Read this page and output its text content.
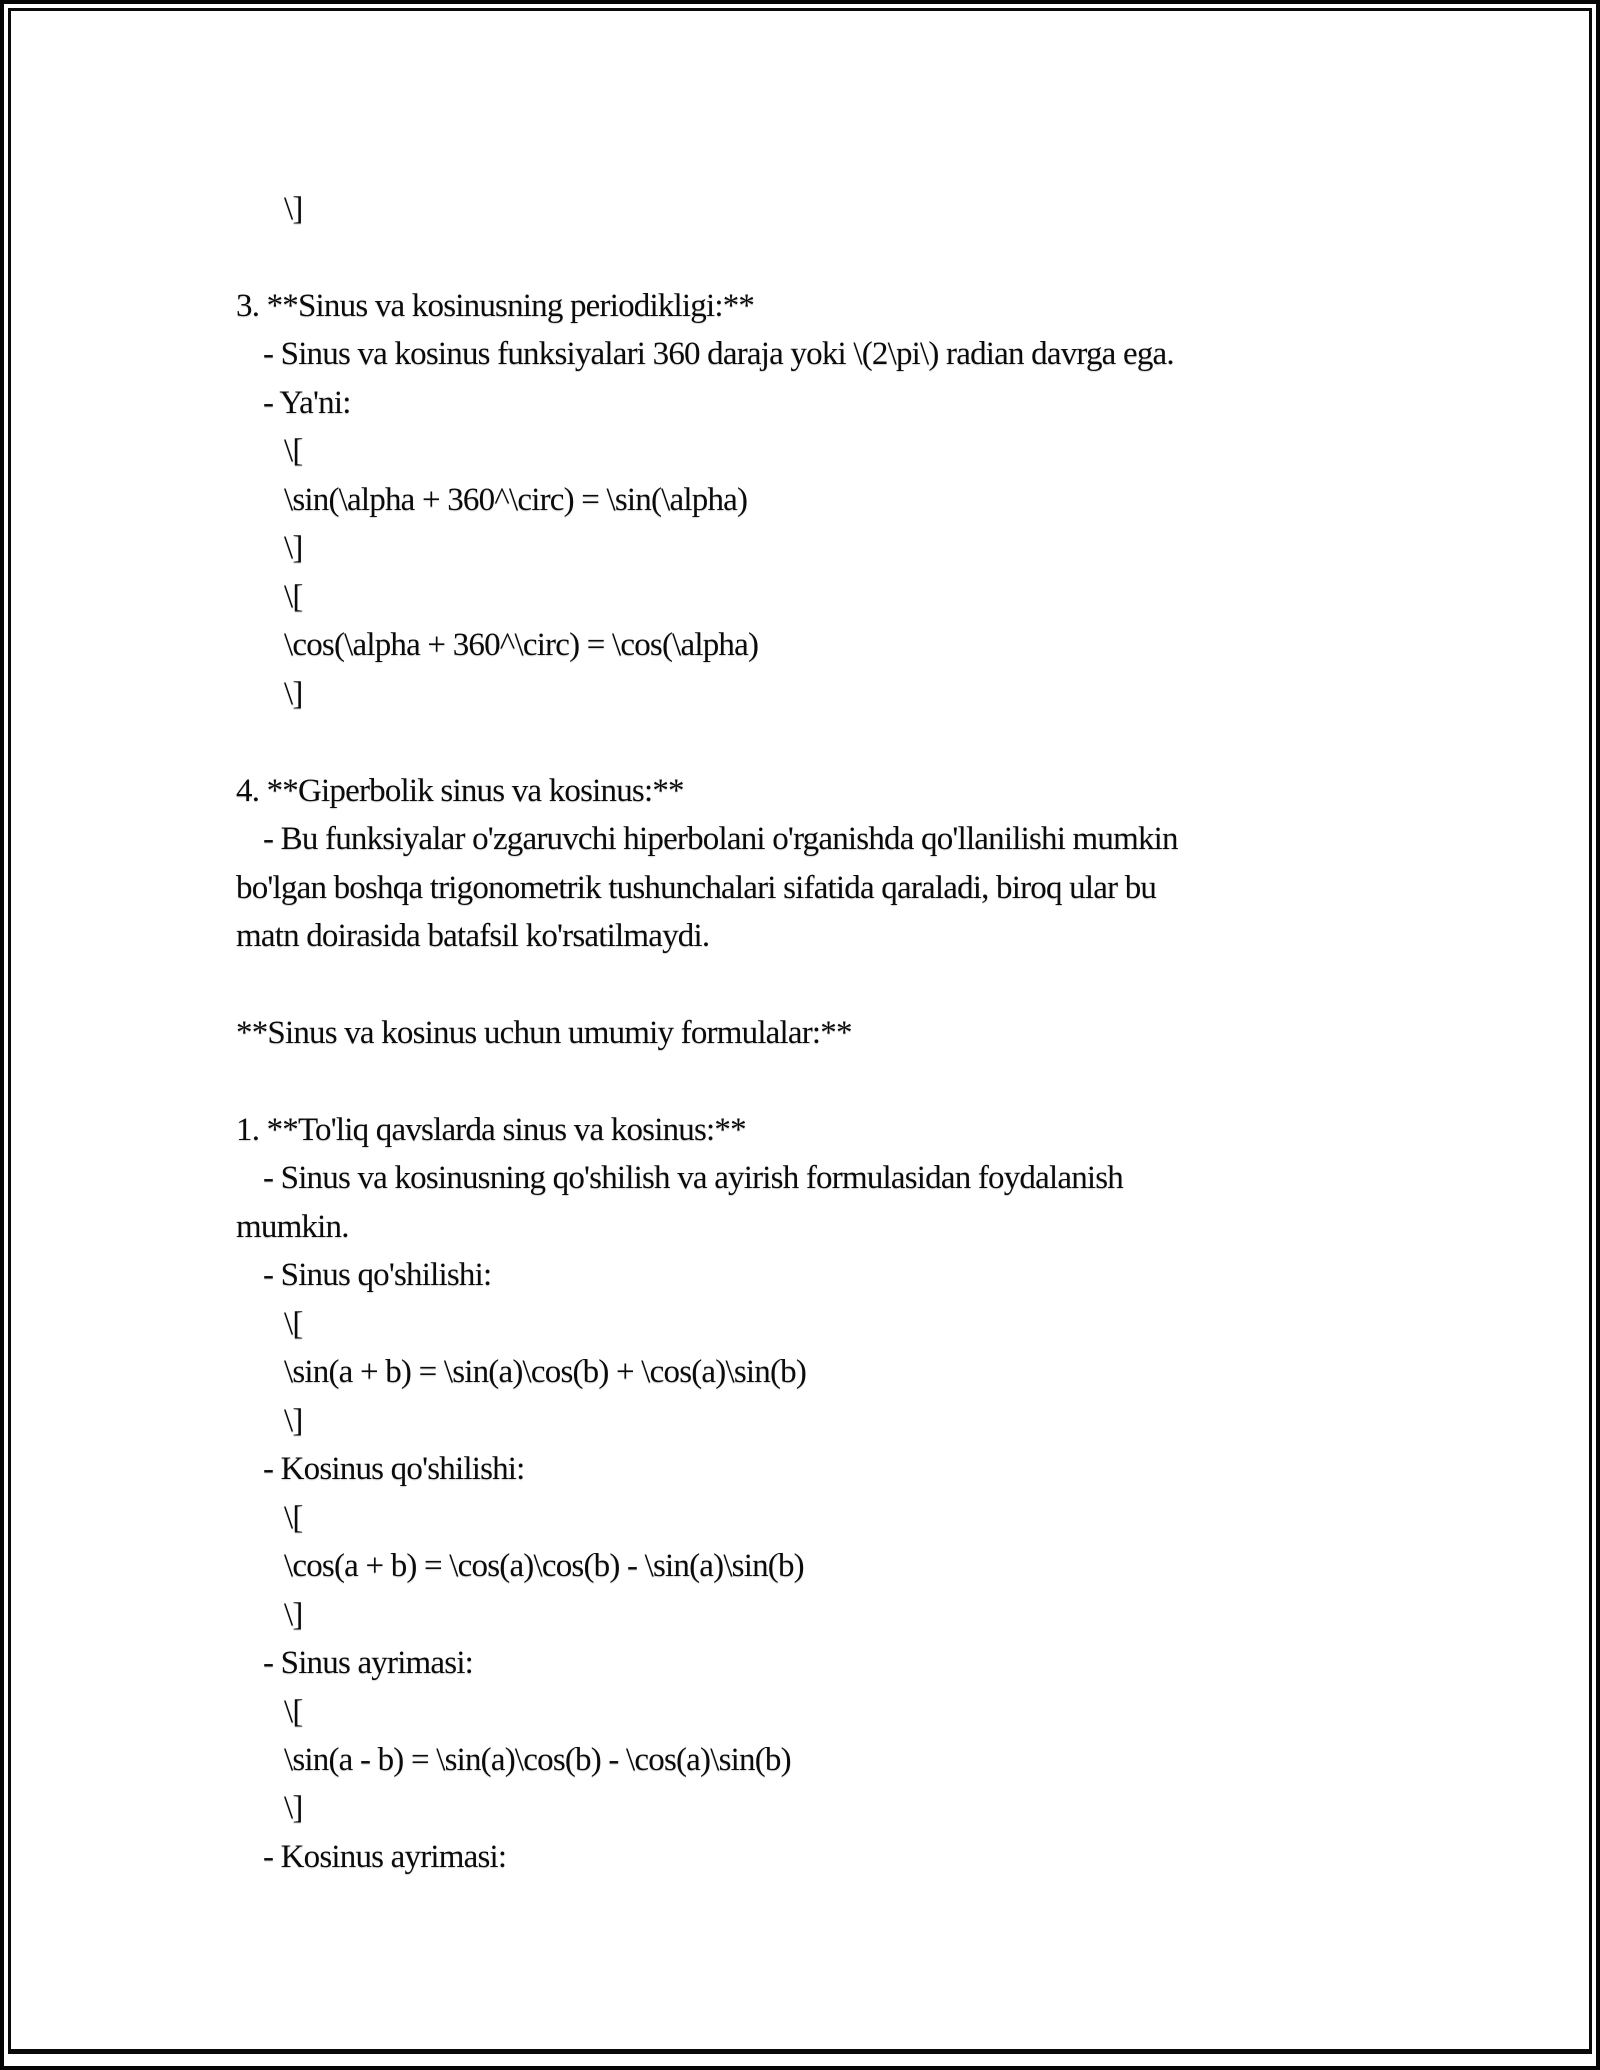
\]
3. **Sinus va kosinusning periodikligi:**
- Sinus va kosinus funksiyalari 360 daraja yoki \(2\pi\) radian davrga ega.
- Ya'ni:
\[
\sin(\alpha + 360^\circ) = \sin(\alpha)
\]
\[
\cos(\alpha + 360^\circ) = \cos(\alpha)
\]
4. **Giperbolik sinus va kosinus:**
- Bu funksiyalar o'zgaruvchi hiperbolani o'rganishda qo'llanilishi mumkin
bo'lgan boshqa trigonometrik tushunchalari sifatida qaraladi, biroq ular bu
matn doirasida batafsil ko'rsatilmaydi.
**Sinus va kosinus uchun umumiy formulalar:**
1. **To'liq qavslarda sinus va kosinus:**
- Sinus va kosinusning qo'shilish va ayirish formulasidan foydalanish
mumkin.
- Sinus qo'shilishi:
\[
\sin(a + b) = \sin(a)\cos(b) + \cos(a)\sin(b)
\]
- Kosinus qo'shilishi:
\[
\cos(a + b) = \cos(a)\cos(b) - \sin(a)\sin(b)
\]
- Sinus ayrimasi:
\[
\sin(a - b) = \sin(a)\cos(b) - \cos(a)\sin(b)
\]
- Kosinus ayrimasi:
